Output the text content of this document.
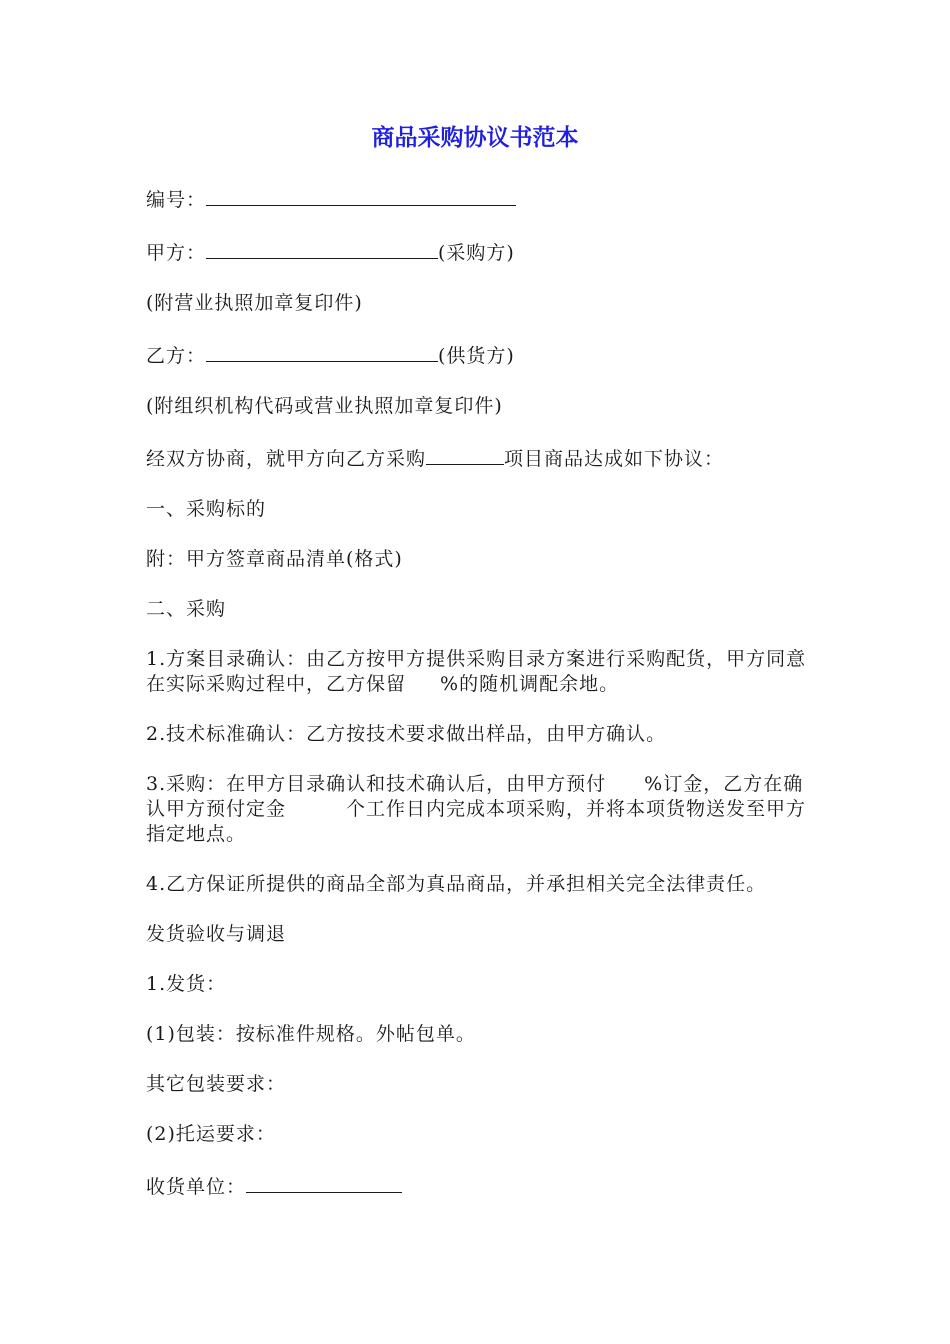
商品采购协议书范本

编号：

甲方：	(采购方)

(附营业执照加章复印件)

乙方：	(供货方)

(附组织机构代码或营业执照加章复印件)

经双方协商，就甲方向乙方采购	项目商品达成如下协议：

一、采购标的

附：甲方签章商品清单(格式)

二、采购

1.方案目录确认：由乙方按甲方提供采购目录方案进行采购配货，甲方同意在实际采购过程中，乙方保留 %的随机调配余地。

2.技术标准确认：乙方按技术要求做出样品，由甲方确认。

3.采购：在甲方目录确认和技术确认后，由甲方预付 %订金，乙方在确认甲方预付定金	个工作日内完成本项采购，并将本项货物送发至甲方指定地点。

4.乙方保证所提供的商品全部为真品商品，并承担相关完全法律责任。

发货验收与调退

1.发货：

(1)包装：按标准件规格。外帖包单。

其它包装要求：

(2)托运要求：

收货单位：
